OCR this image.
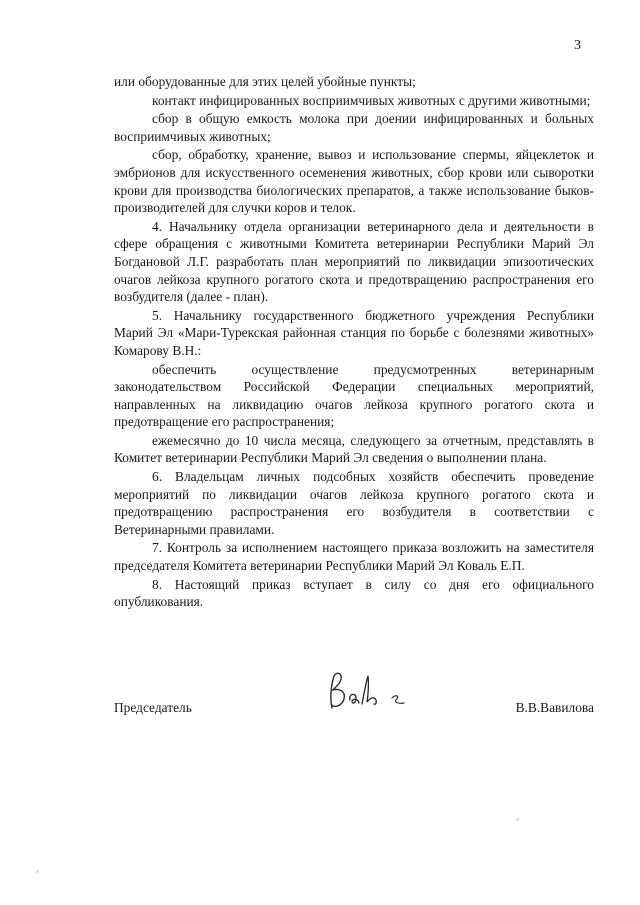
3

или оборудованные для этих целей убойные пункты;

контакт инфицированных восприимчивых животных с другими животными;

сбор в общую емкость молока при доении инфицированных и больных восприимчивых животных;

сбор, обработку, хранение, вывоз и использование спермы, яйцеклеток и эмбрионов для искусственного осеменения животных, сбор крови или сыворотки крови для производства биологических препаратов, а также использование быков-производителей для случки коров и телок.

4. Начальнику отдела организации ветеринарного дела и деятельности в сфере обращения с животными Комитета ветеринарии Республики Марий Эл Богдановой Л.Г. разработать план мероприятий по ликвидации эпизоотических очагов лейкоза крупного рогатого скота и предотвращению распространения его возбудителя (далее - план).

5. Начальнику государственного бюджетного учреждения Республики Марий Эл «Мари-Турекская районная станция по борьбе с болезнями животных» Комарову В.Н.:

обеспечить осуществление предусмотренных ветеринарным законодательством Российской Федерации специальных мероприятий, направленных на ликвидацию очагов лейкоза крупного рогатого скота и предотвращение его распространения;

ежемесячно до 10 числа месяца, следующего за отчетным, представлять в Комитет ветеринарии Республики Марий Эл сведения о выполнении плана.

6. Владельцам личных подсобных хозяйств обеспечить проведение мероприятий по ликвидации очагов лейкоза крупного рогатого скота и предотвращению распространения его возбудителя в соответствии с Ветеринарными правилами.

7. Контроль за исполнением настоящего приказа возложить на заместителя председателя Комитета ветеринарии Республики Марий Эл Коваль Е.П.

8. Настоящий приказ вступает в силу со дня его официального опубликования.

Председатель	В.В.Вавилова
